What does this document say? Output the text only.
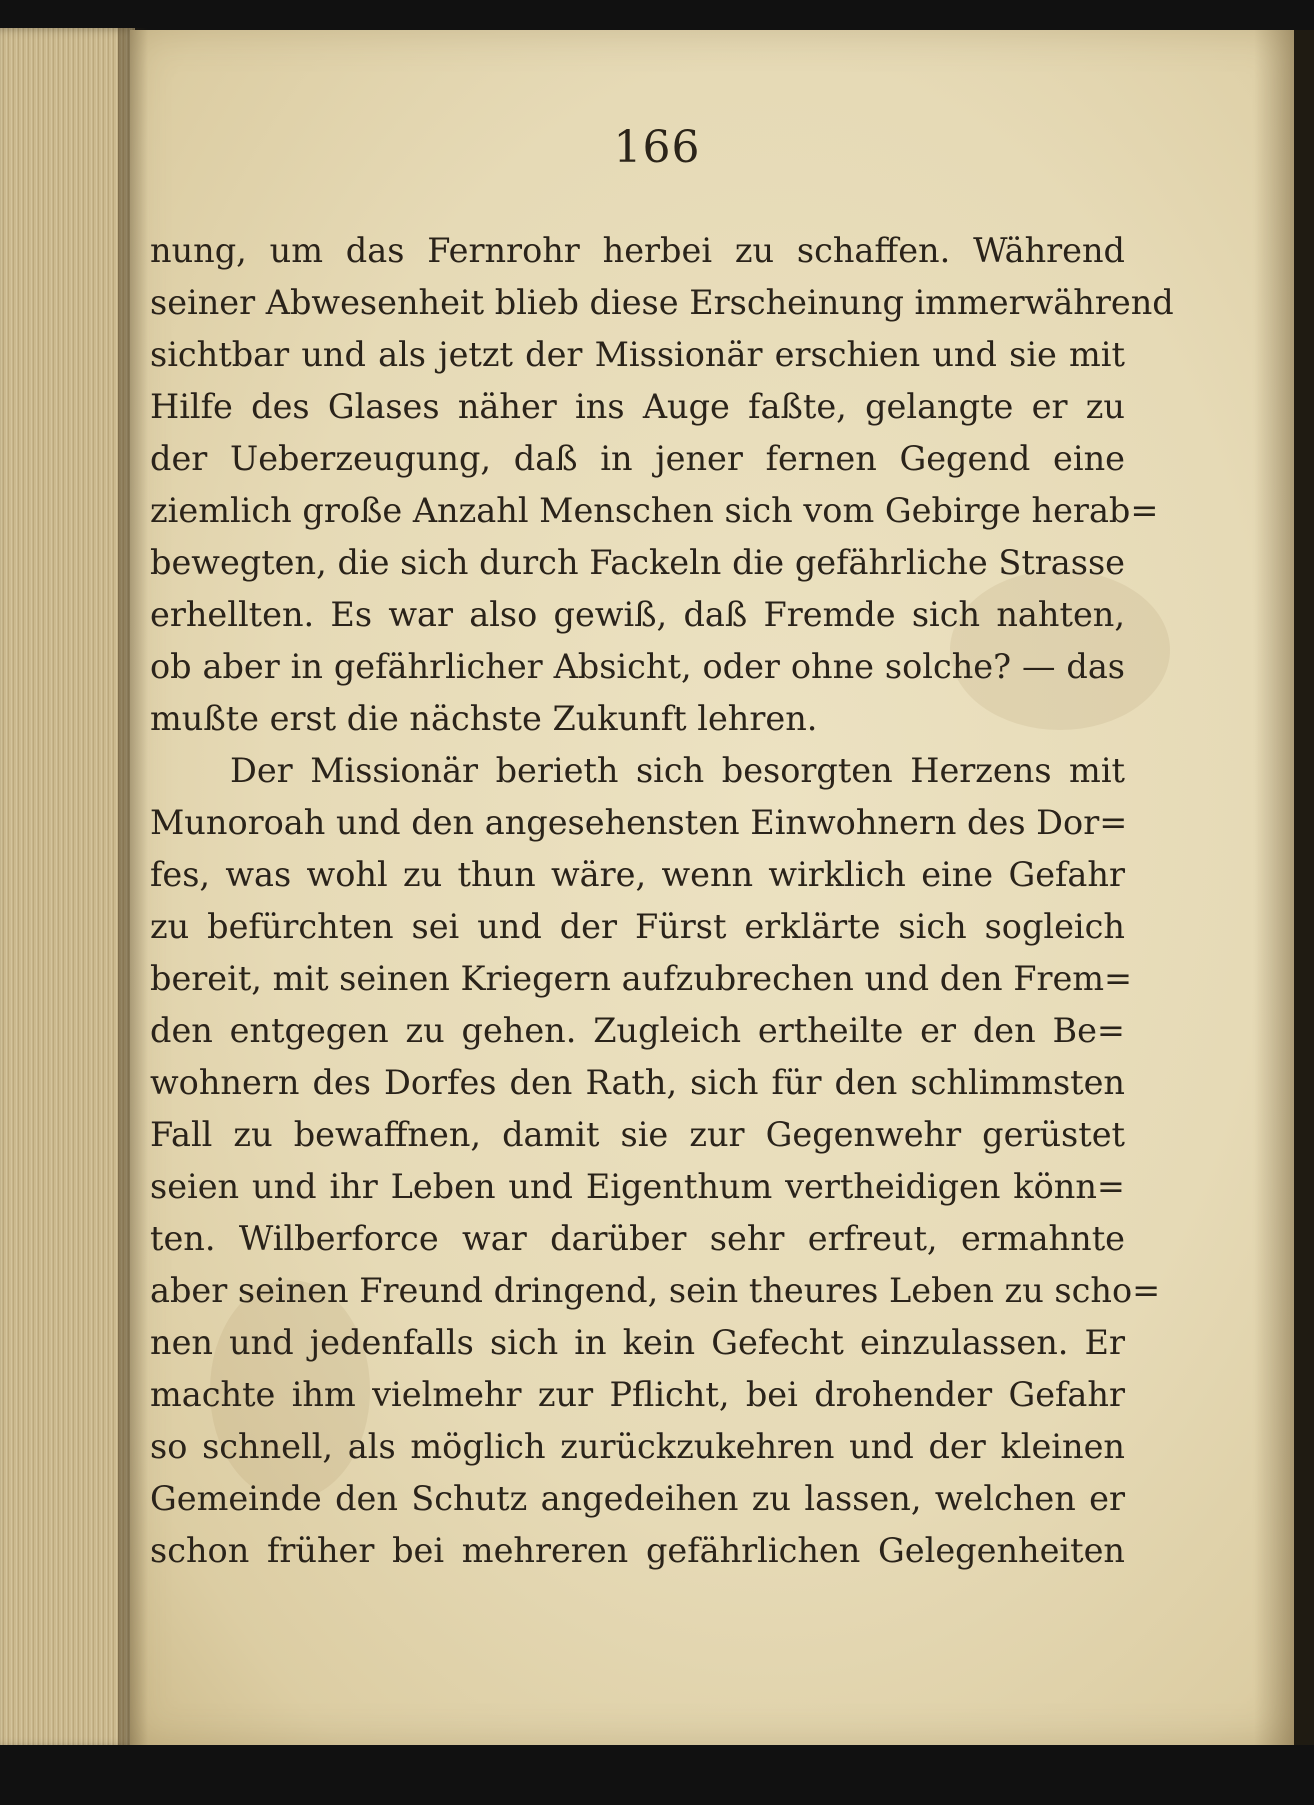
166
nung, um das Fernrohr herbei zu schaffen. Während
seiner Abwesenheit blieb diese Erscheinung immerwährend
sichtbar und als jetzt der Missionär erschien und sie mit
Hilfe des Glases näher ins Auge faßte, gelangte er zu
der Ueberzeugung, daß in jener fernen Gegend eine
ziemlich große Anzahl Menschen sich vom Gebirge herab=
bewegten, die sich durch Fackeln die gefährliche Strasse
erhellten. Es war also gewiß, daß Fremde sich nahten,
ob aber in gefährlicher Absicht, oder ohne solche? — das
mußte erst die nächste Zukunft lehren.
Der Missionär berieth sich besorgten Herzens mit
Munoroah und den angesehensten Einwohnern des Dor=
fes, was wohl zu thun wäre, wenn wirklich eine Gefahr
zu befürchten sei und der Fürst erklärte sich sogleich
bereit, mit seinen Kriegern aufzubrechen und den Frem=
den entgegen zu gehen. Zugleich ertheilte er den Be=
wohnern des Dorfes den Rath, sich für den schlimmsten
Fall zu bewaffnen, damit sie zur Gegenwehr gerüstet
seien und ihr Leben und Eigenthum vertheidigen könn=
ten. Wilberforce war darüber sehr erfreut, ermahnte
aber seinen Freund dringend, sein theures Leben zu scho=
nen und jedenfalls sich in kein Gefecht einzulassen. Er
machte ihm vielmehr zur Pflicht, bei drohender Gefahr
so schnell, als möglich zurückzukehren und der kleinen
Gemeinde den Schutz angedeihen zu lassen, welchen er
schon früher bei mehreren gefährlichen Gelegenheiten
